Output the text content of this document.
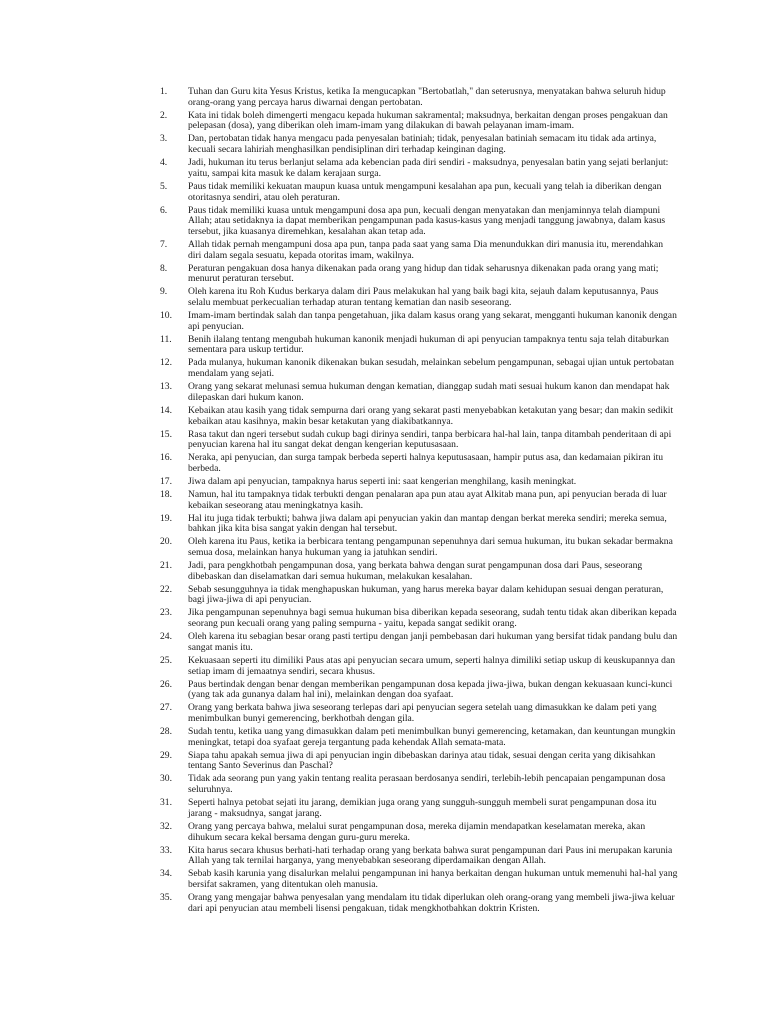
1.	Tuhan dan Guru kita Yesus Kristus, ketika Ia mengucapkan "Bertobatlah," dan seterusnya, menyatakan bahwa seluruh hidup orang-orang yang percaya harus diwarnai dengan pertobatan.
2.	Kata ini tidak boleh dimengerti mengacu kepada hukuman sakramental; maksudnya, berkaitan dengan proses pengakuan dan pelepasan (dosa), yang diberikan oleh imam-imam yang dilakukan di bawah pelayanan imam-imam.
3.	Dan, pertobatan tidak hanya mengacu pada penyesalan batiniah; tidak, penyesalan batiniah semacam itu tidak ada artinya, kecuali secara lahiriah menghasilkan pendisiplinan diri terhadap keinginan daging.
4.	Jadi, hukuman itu terus berlanjut selama ada kebencian pada diri sendiri - maksudnya, penyesalan batin yang sejati berlanjut: yaitu, sampai kita masuk ke dalam kerajaan surga.
5.	Paus tidak memiliki kekuatan maupun kuasa untuk mengampuni kesalahan apa pun, kecuali yang telah ia diberikan dengan otoritasnya sendiri, atau oleh peraturan.
6.	Paus tidak memiliki kuasa untuk mengampuni dosa apa pun, kecuali dengan menyatakan dan menjaminnya telah diampuni Allah; atau setidaknya ia dapat memberikan pengampunan pada kasus-kasus yang menjadi tanggung jawabnya, dalam kasus tersebut, jika kuasanya diremehkan, kesalahan akan tetap ada.
7.	Allah tidak pernah mengampuni dosa apa pun, tanpa pada saat yang sama Dia menundukkan diri manusia itu, merendahkan diri dalam segala sesuatu, kepada otoritas imam, wakilnya.
8.	Peraturan pengakuan dosa hanya dikenakan pada orang yang hidup dan tidak seharusnya dikenakan pada orang yang mati; menurut peraturan tersebut.
9.	Oleh karena itu Roh Kudus berkarya dalam diri Paus melakukan hal yang baik bagi kita, sejauh dalam keputusannya, Paus selalu membuat perkecualian terhadap aturan tentang kematian dan nasib seseorang.
10.	Imam-imam bertindak salah dan tanpa pengetahuan, jika dalam kasus orang yang sekarat, mengganti hukuman kanonik dengan api penyucian.
11.	Benih ilalang tentang mengubah hukuman kanonik menjadi hukuman di api penyucian tampaknya tentu saja telah ditaburkan sementara para uskup tertidur.
12.	Pada mulanya, hukuman kanonik dikenakan bukan sesudah, melainkan sebelum pengampunan, sebagai ujian untuk pertobatan mendalam yang sejati.
13.	Orang yang sekarat melunasi semua hukuman dengan kematian, dianggap sudah mati sesuai hukum kanon dan mendapat hak dilepaskan dari hukum kanon.
14.	Kebaikan atau kasih yang tidak sempurna dari orang yang sekarat pasti menyebabkan ketakutan yang besar; dan makin sedikit kebaikan atau kasihnya, makin besar ketakutan yang diakibatkannya.
15.	Rasa takut dan ngeri tersebut sudah cukup bagi dirinya sendiri, tanpa berbicara hal-hal lain, tanpa ditambah penderitaan di api penyucian karena hal itu sangat dekat dengan kengerian keputusasaan.
16.	Neraka, api penyucian, dan surga tampak berbeda seperti halnya keputusasaan, hampir putus asa, dan kedamaian pikiran itu berbeda.
17.	Jiwa dalam api penyucian, tampaknya harus seperti ini: saat kengerian menghilang, kasih meningkat.
18.	Namun, hal itu tampaknya tidak terbukti dengan penalaran apa pun atau ayat Alkitab mana pun, api penyucian berada di luar kebaikan seseorang atau meningkatnya kasih.
19.	Hal itu juga tidak terbukti; bahwa jiwa dalam api penyucian yakin dan mantap dengan berkat mereka sendiri; mereka semua, bahkan jika kita bisa sangat yakin dengan hal tersebut.
20.	Oleh karena itu Paus, ketika ia berbicara tentang pengampunan sepenuhnya dari semua hukuman, itu bukan sekadar bermakna semua dosa, melainkan hanya hukuman yang ia jatuhkan sendiri.
21.	Jadi, para pengkhotbah pengampunan dosa, yang berkata bahwa dengan surat pengampunan dosa dari Paus, seseorang dibebaskan dan diselamatkan dari semua hukuman, melakukan kesalahan.
22.	Sebab sesungguhnya ia tidak menghapuskan hukuman, yang harus mereka bayar dalam kehidupan sesuai dengan peraturan, bagi jiwa-jiwa di api penyucian.
23.	Jika pengampunan sepenuhnya bagi semua hukuman bisa diberikan kepada seseorang, sudah tentu tidak akan diberikan kepada seorang pun kecuali orang yang paling sempurna - yaitu, kepada sangat sedikit orang.
24.	Oleh karena itu sebagian besar orang pasti tertipu dengan janji pembebasan dari hukuman yang bersifat tidak pandang bulu dan sangat manis itu.
25.	Kekuasaan seperti itu dimiliki Paus atas api penyucian secara umum, seperti halnya dimiliki setiap uskup di keuskupannya dan setiap imam di jemaatnya sendiri, secara khusus.
26.	Paus bertindak dengan benar dengan memberikan pengampunan dosa kepada jiwa-jiwa, bukan dengan kekuasaan kunci-kunci (yang tak ada gunanya dalam hal ini), melainkan dengan doa syafaat.
27.	Orang yang berkata bahwa jiwa seseorang terlepas dari api penyucian segera setelah uang dimasukkan ke dalam peti yang menimbulkan bunyi gemerencing, berkhotbah dengan gila.
28.	Sudah tentu, ketika uang yang dimasukkan dalam peti menimbulkan bunyi gemerencing, ketamakan, dan keuntungan mungkin meningkat, tetapi doa syafaat gereja tergantung pada kehendak Allah semata-mata.
29.	Siapa tahu apakah semua jiwa di api penyucian ingin dibebaskan darinya atau tidak, sesuai dengan cerita yang dikisahkan tentang Santo Severinus dan Paschal?
30.	Tidak ada seorang pun yang yakin tentang realita perasaan berdosanya sendiri, terlebih-lebih pencapaian pengampunan dosa seluruhnya.
31.	Seperti halnya petobat sejati itu jarang, demikian juga orang yang sungguh-sungguh membeli surat pengampunan dosa itu jarang - maksudnya, sangat jarang.
32.	Orang yang percaya bahwa, melalui surat pengampunan dosa, mereka dijamin mendapatkan keselamatan mereka, akan dihukum secara kekal bersama dengan guru-guru mereka.
33.	Kita harus secara khusus berhati-hati terhadap orang yang berkata bahwa surat pengampunan dari Paus ini merupakan karunia Allah yang tak ternilai harganya, yang menyebabkan seseorang diperdamaikan dengan Allah.
34.	Sebab kasih karunia yang disalurkan melalui pengampunan ini hanya berkaitan dengan hukuman untuk memenuhi hal-hal yang bersifat sakramen, yang ditentukan oleh manusia.
35.	Orang yang mengajar bahwa penyesalan yang mendalam itu tidak diperlukan oleh orang-orang yang membeli jiwa-jiwa keluar dari api penyucian atau membeli lisensi pengakuan, tidak mengkhotbahkan doktrin Kristen.
